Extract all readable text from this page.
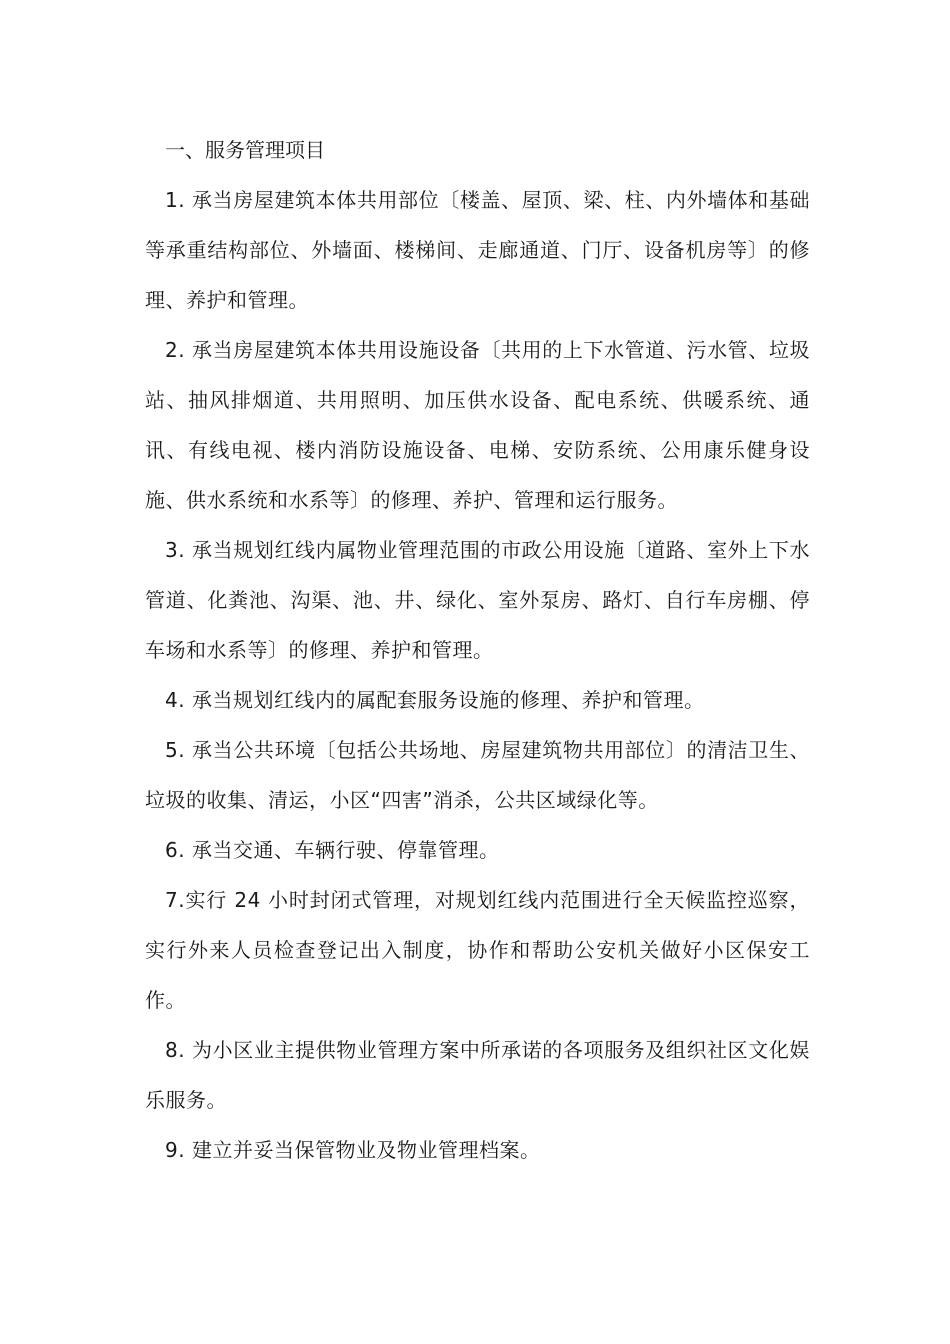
一、服务管理项目

1. 承当房屋建筑本体共用部位〔楼盖、屋顶、梁、柱、内外墙体和基础等承重结构部位、外墙面、楼梯间、走廊通道、门厅、设备机房等〕的修理、养护和管理。

2. 承当房屋建筑本体共用设施设备〔共用的上下水管道、污水管、垃圾站、抽风排烟道、共用照明、加压供水设备、配电系统、供暖系统、通讯、有线电视、楼内消防设施设备、电梯、安防系统、公用康乐健身设施、供水系统和水系等〕的修理、养护、管理和运行服务。

3. 承当规划红线内属物业管理范围的市政公用设施〔道路、室外上下水管道、化粪池、沟渠、池、井、绿化、室外泵房、路灯、自行车房棚、停车场和水系等〕的修理、养护和管理。

4. 承当规划红线内的属配套服务设施的修理、养护和管理。

5. 承当公共环境〔包括公共场地、房屋建筑物共用部位〕的清洁卫生、垃圾的收集、清运，小区“四害”消杀，公共区域绿化等。

6. 承当交通、车辆行驶、停靠管理。

7.实行 24 小时封闭式管理，对规划红线内范围进行全天候监控巡察，实行外来人员检查登记出入制度，协作和帮助公安机关做好小区保安工作。

8. 为小区业主提供物业管理方案中所承诺的各项服务及组织社区文化娱乐服务。

9. 建立并妥当保管物业及物业管理档案。
